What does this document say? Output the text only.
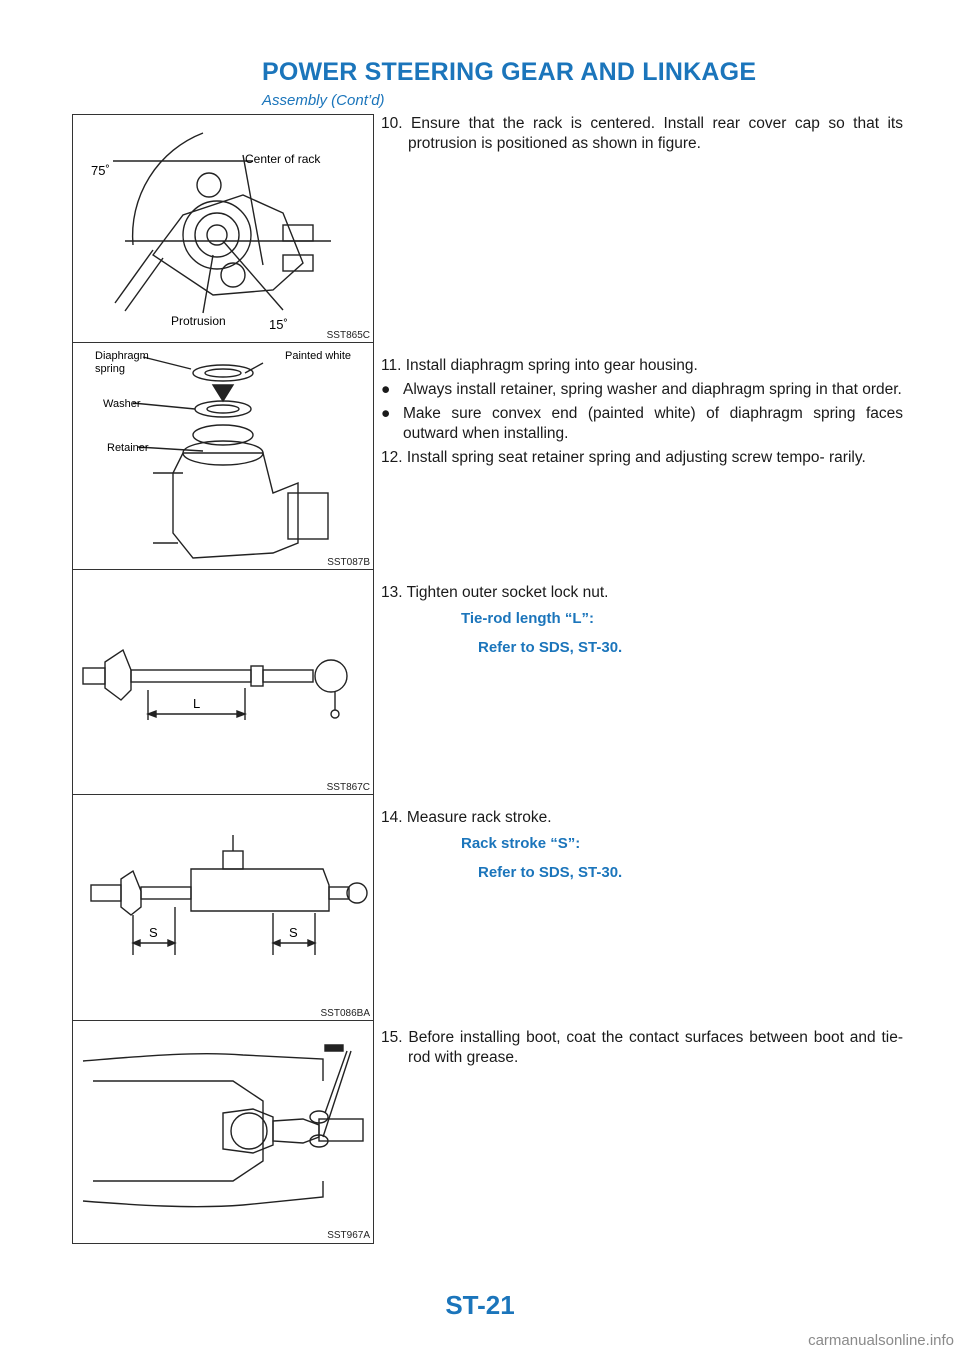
POWER STEERING GEAR AND LINKAGE
Assembly (Cont’d)
75˚
Center of rack
Protrusion	15˚
SST865C

10. Ensure that the rack is centered. Install rear cover cap so that its protrusion is positioned as shown in figure.

Diaphragm
spring
Painted white
Washer
Retainer
SST087B

11. Install diaphragm spring into gear housing.

● Always install retainer, spring washer and diaphragm spring in that order.

● Make sure convex end (painted white) of diaphragm spring faces outward when installing.

12. Install spring seat retainer spring and adjusting screw tempo- rarily.

L
SST867C

13. Tighten outer socket lock nut.

Tie-rod length “L”:

Refer to SDS, ST-30.

S	S
SST086BA

14. Measure rack stroke.

Rack stroke “S”:

Refer to SDS, ST-30.

SST967A

15. Before installing boot, coat the contact surfaces between boot and tie-rod with grease.

ST-21
carmanualsonline.info
